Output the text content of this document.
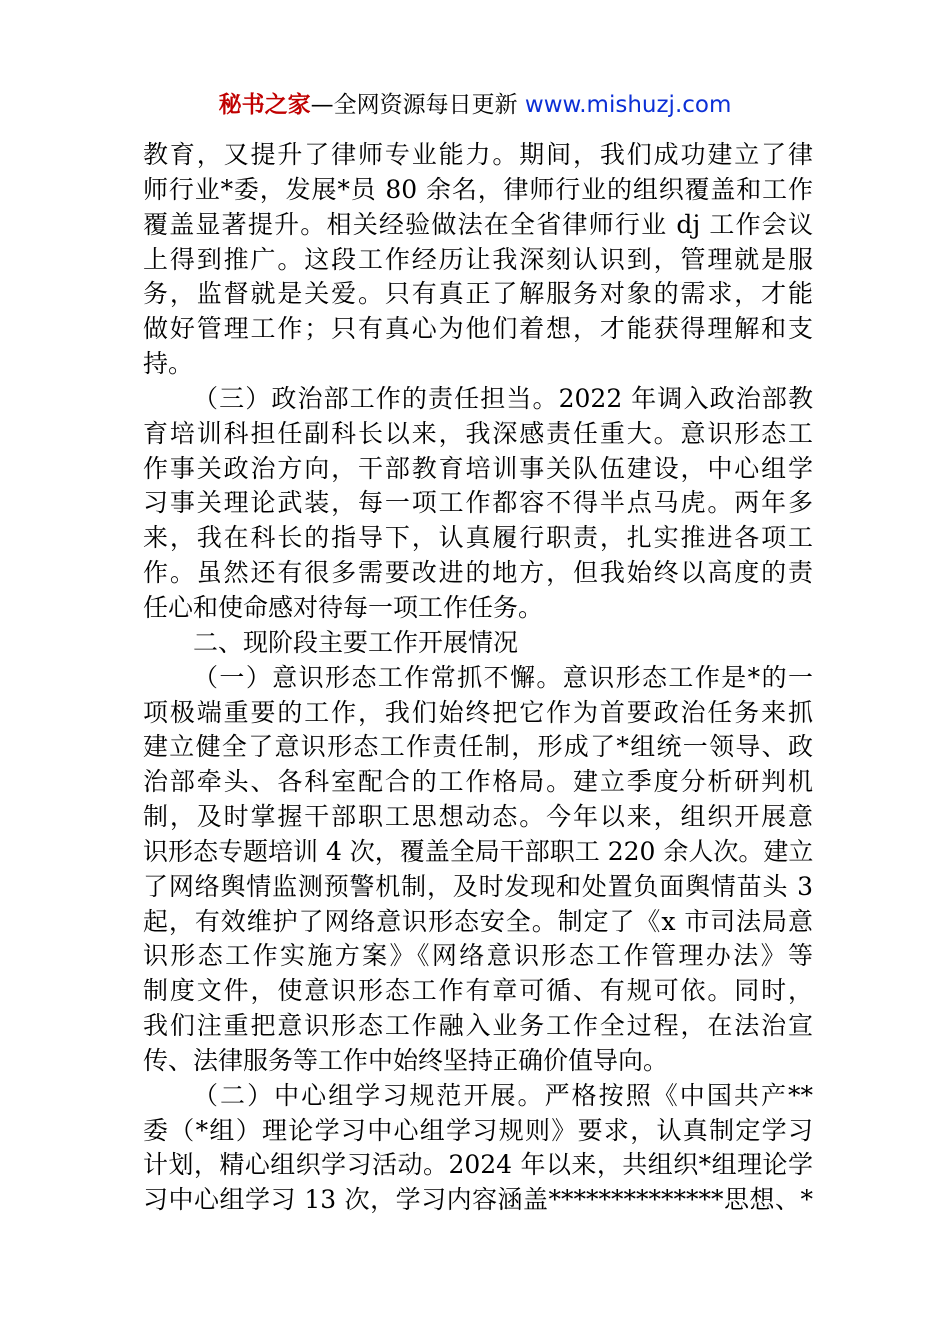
秘书之家—全网资源每日更新 www.mishuzj.com
教育，又提升了律师专业能力。期间，我们成功建立了律
师行业*委，发展*员 80 余名，律师行业的组织覆盖和工作
覆盖显著提升。相关经验做法在全省律师行业 dj 工作会议
上得到推广。这段工作经历让我深刻认识到，管理就是服
务，监督就是关爱。只有真正了解服务对象的需求，才能
做好管理工作；只有真心为他们着想，才能获得理解和支
持。
（三）政治部工作的责任担当。2022 年调入政治部教
育培训科担任副科长以来，我深感责任重大。意识形态工
作事关政治方向，干部教育培训事关队伍建设，中心组学
习事关理论武装，每一项工作都容不得半点马虎。两年多
来，我在科长的指导下，认真履行职责，扎实推进各项工
作。虽然还有很多需要改进的地方，但我始终以高度的责
任心和使命感对待每一项工作任务。
二、现阶段主要工作开展情况
（一）意识形态工作常抓不懈。意识形态工作是*的一
项极端重要的工作，我们始终把它作为首要政治任务来抓
建立健全了意识形态工作责任制，形成了*组统一领导、政
治部牵头、各科室配合的工作格局。建立季度分析研判机
制，及时掌握干部职工思想动态。今年以来，组织开展意
识形态专题培训 4 次，覆盖全局干部职工 220 余人次。建立
了网络舆情监测预警机制，及时发现和处置负面舆情苗头 3
起，有效维护了网络意识形态安全。制定了《x 市司法局意
识形态工作实施方案》《网络意识形态工作管理办法》等
制度文件，使意识形态工作有章可循、有规可依。同时，
我们注重把意识形态工作融入业务工作全过程，在法治宣
传、法律服务等工作中始终坚持正确价值导向。
（二）中心组学习规范开展。严格按照《中国共产**
委（*组）理论学习中心组学习规则》要求，认真制定学习
计划，精心组织学习活动。2024 年以来，共组织*组理论学
习中心组学习 13 次，学习内容涵盖**************思想、*
